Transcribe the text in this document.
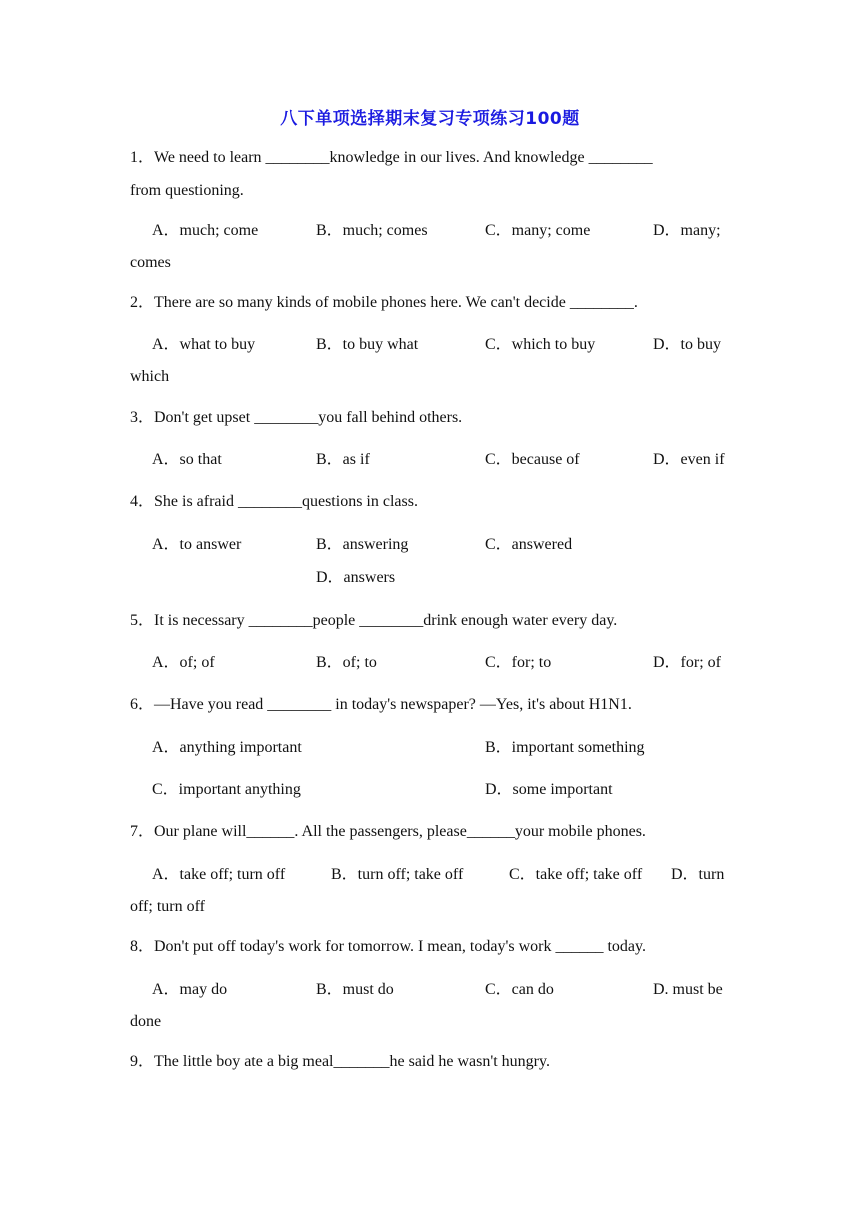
八下单项选择期末复习专项练习100题
1．We need to learn ________knowledge in our lives. And knowledge ________
from questioning.
A．much; come	B．much; comes	C．many; come	D．many;
comes
2．There are so many kinds of mobile phones here. We can't decide ________.
A．what to buy	B．to buy what	C．which to buy	D．to buy
which
3．Don't get upset ________you fall behind others.
A．so that	B．as if	C．because of	D．even if
4．She is afraid ________questions in class.
A．to answer	B．answering	C．answered
D．answers
5．It is necessary ________people ________drink enough water every day.
A．of; of	B．of; to	C．for; to	D．for; of
6．—Have you read ________ in today's newspaper? —Yes, it's about H1N1.
A．anything important	B．important something
C．important anything	D．some important
7．Our plane will______. All the passengers, please______your mobile phones.
A．take off; turn off	B．turn off; take off	C．take off; take off D．turn
off; turn off
8．Don't put off today's work for tomorrow. I mean, today's work ______ today.
A．may do	B．must do	C．can do	D. must be
done
9．The little boy ate a big meal_______he said he wasn't hungry.
